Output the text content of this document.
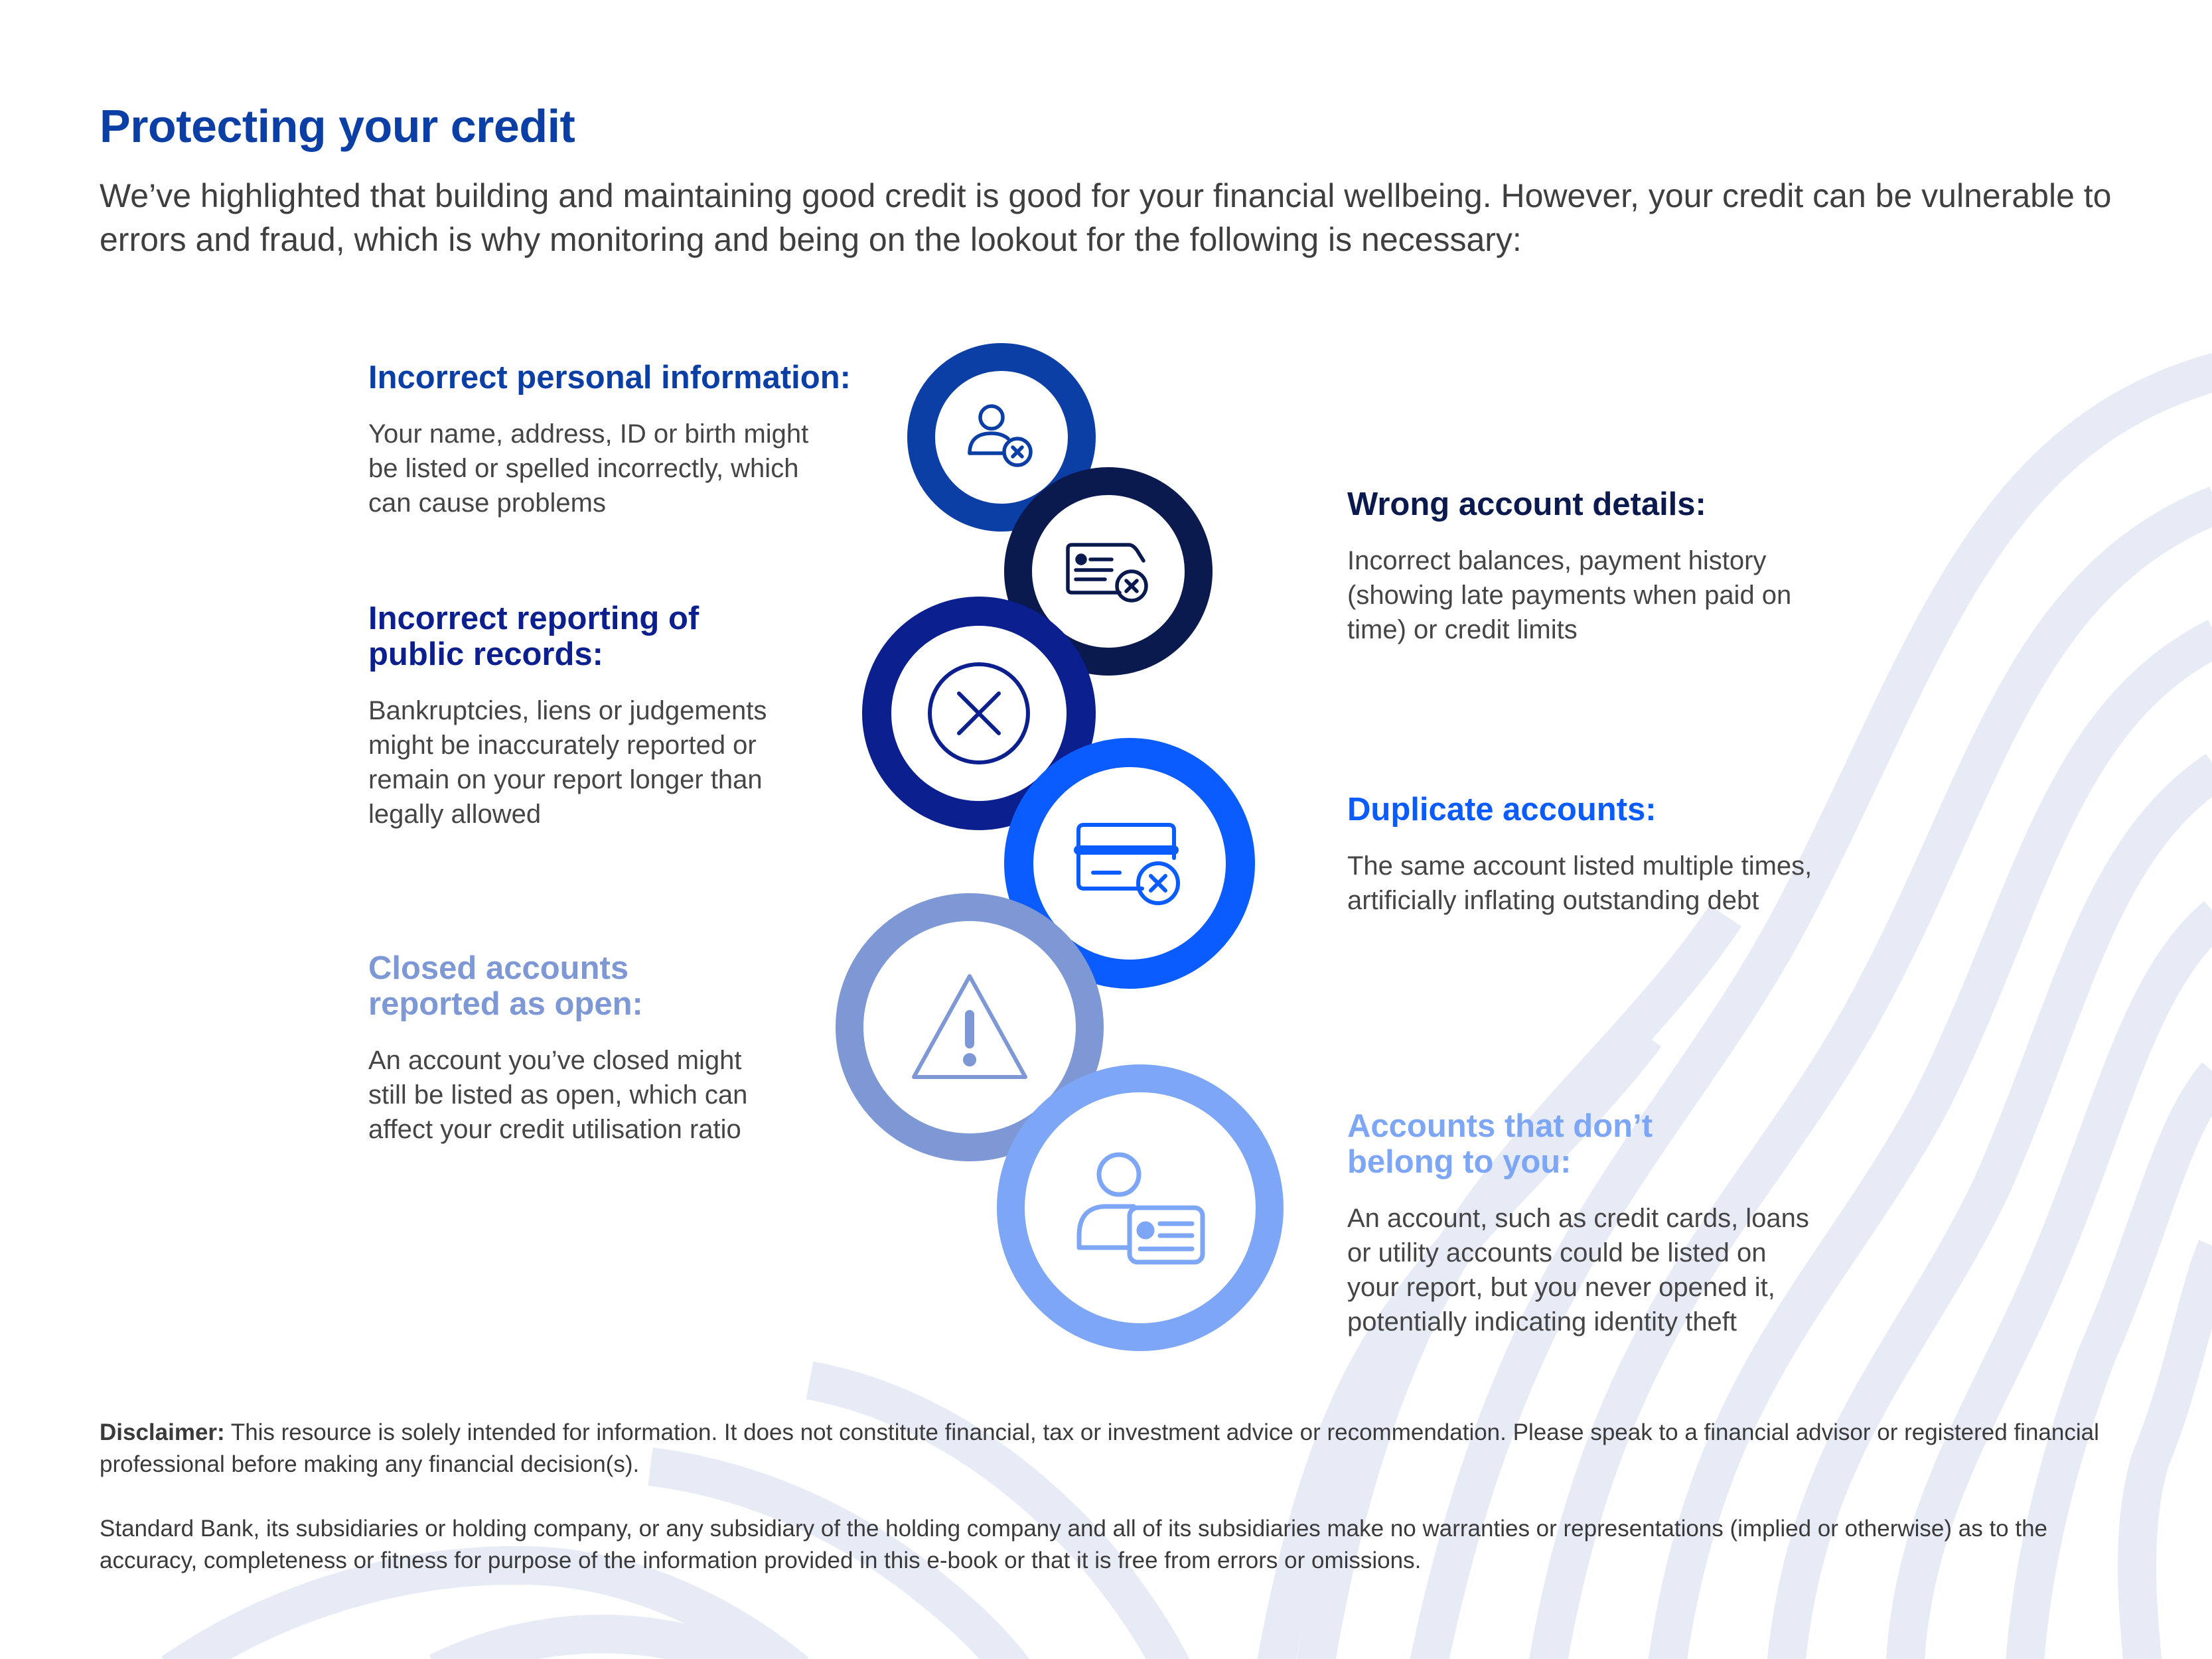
Protecting your credit

We’ve highlighted that building and maintaining good credit is good for your financial wellbeing. However, your credit can be vulnerable to errors and fraud, which is why monitoring and being on the lookout for the following is necessary:

Incorrect personal information:

Your name, address, ID or birth might
be listed or spelled incorrectly, which
can cause problems

Incorrect reporting of
public records:

Bankruptcies, liens or judgements
might be inaccurately reported or
remain on your report longer than
legally allowed

Closed accounts
reported as open:

An account you’ve closed might
still be listed as open, which can
affect your credit utilisation ratio

Wrong account details:

Incorrect balances, payment history
(showing late payments when paid on
time) or credit limits

Duplicate accounts:

The same account listed multiple times,
artificially inflating outstanding debt

Accounts that don’t
belong to you:

An account, such as credit cards, loans
or utility accounts could be listed on
your report, but you never opened it,
potentially indicating identity theft

Disclaimer: This resource is solely intended for information. It does not constitute financial, tax or investment advice or recommendation. Please speak to a financial advisor or registered financial professional before making any financial decision(s).

Standard Bank, its subsidiaries or holding company, or any subsidiary of the holding company and all of its subsidiaries make no warranties or representations (implied or otherwise) as to the accuracy, completeness or fitness for purpose of the information provided in this e-book or that it is free from errors or omissions.
